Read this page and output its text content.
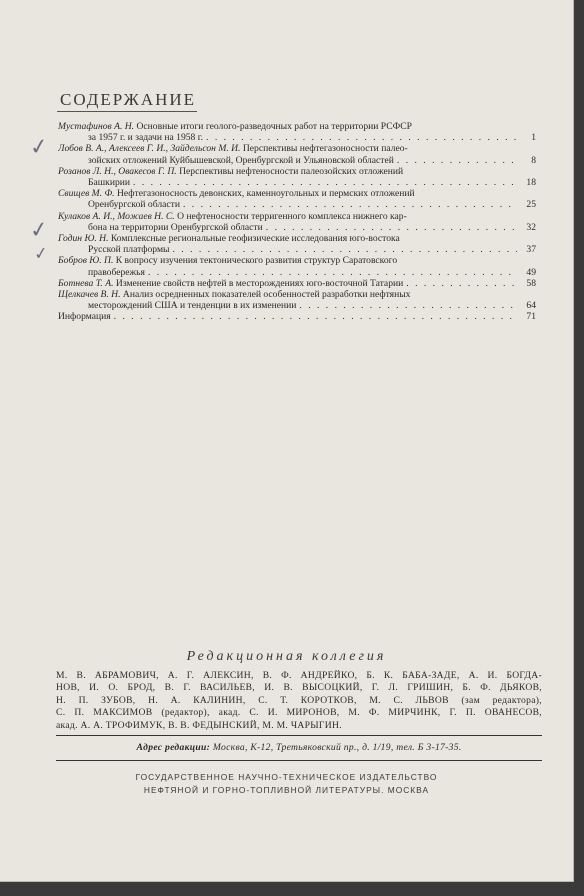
СОДЕРЖАНИЕ
Мустафинов А. Н. Основные итоги геолого-разведочных работ на территории РСФСР
за 1957 г. и задачи на 1958 г. . . .	1
Лобов В. А., Алексеев Г. И., Зайдельсон М. И. Перспективы нефтегазоносности палео-
зойских отложений Куйбышевской, Оренбургской и Ульяновской областей . . .	8
Розанов Л. Н., Овакесов Г. П. Перспективы нефтеносности палеозойских отложений
Башкирии . . .	18
Свищев М. Ф. Нефтегазоносность девонских, каменноугольных и пермских отложений
Оренбургской области . . .	25
Кулаков А. И., Можаев Н. С. О нефтеносности терригенного комплекса нижнего кар-
бона на территории Оренбургской области . . .	32
Годин Ю. Н. Комплексные региональные геофизические исследования юго-востока
Русской платформы . . .	37
Бобров Ю. П. К вопросу изучения тектонического развития структур Саратовского
правобережья . . .	49
Ботнева Т. А. Изменение свойств нефтей в месторождениях юго-восточной Татарии . . .	58
Щелкачев В. Н. Анализ осредненных показателей особенностей разработки нефтяных
месторождений США и тенденции в их изменении . . .	64
Информация . . .	71
✓
✓
✓
Редакционная коллегия
М. В. АБРАМОВИЧ, А. Г. АЛЕКСИН, В. Ф. АНДРЕЙКО, Б. К. БАБА-ЗАДЕ, А. И. БОГДА-
НОВ, И. О. БРОД, В. Г. ВАСИЛЬЕВ, И. В. ВЫСОЦКИЙ, Г. Л. ГРИШИН, Б. Ф. ДЬЯКОВ,
Н. П. ЗУБОВ, Н. А. КАЛИНИН, С. Т. КОРОТКОВ, М. С. ЛЬВОВ (зам редактора),
С. П. МАКСИМОВ (редактор), акад. С. И. МИРОНОВ, М. Ф. МИРЧИНК, Г. П. ОВАНЕСОВ,
акад. А. А. ТРОФИМУК, В. В. ФЕДЫНСКИЙ, М. М. ЧАРЫГИН.
Адрес редакции: Москва, К-12, Третьяковский пр., д. 1/19, тел. Б 3-17-35.
ГОСУДАРСТВЕННОЕ НАУЧНО-ТЕХНИЧЕСКОЕ ИЗДАТЕЛЬСТВО
НЕФТЯНОЙ И ГОРНО-ТОПЛИВНОЙ ЛИТЕРАТУРЫ. МОСКВА
